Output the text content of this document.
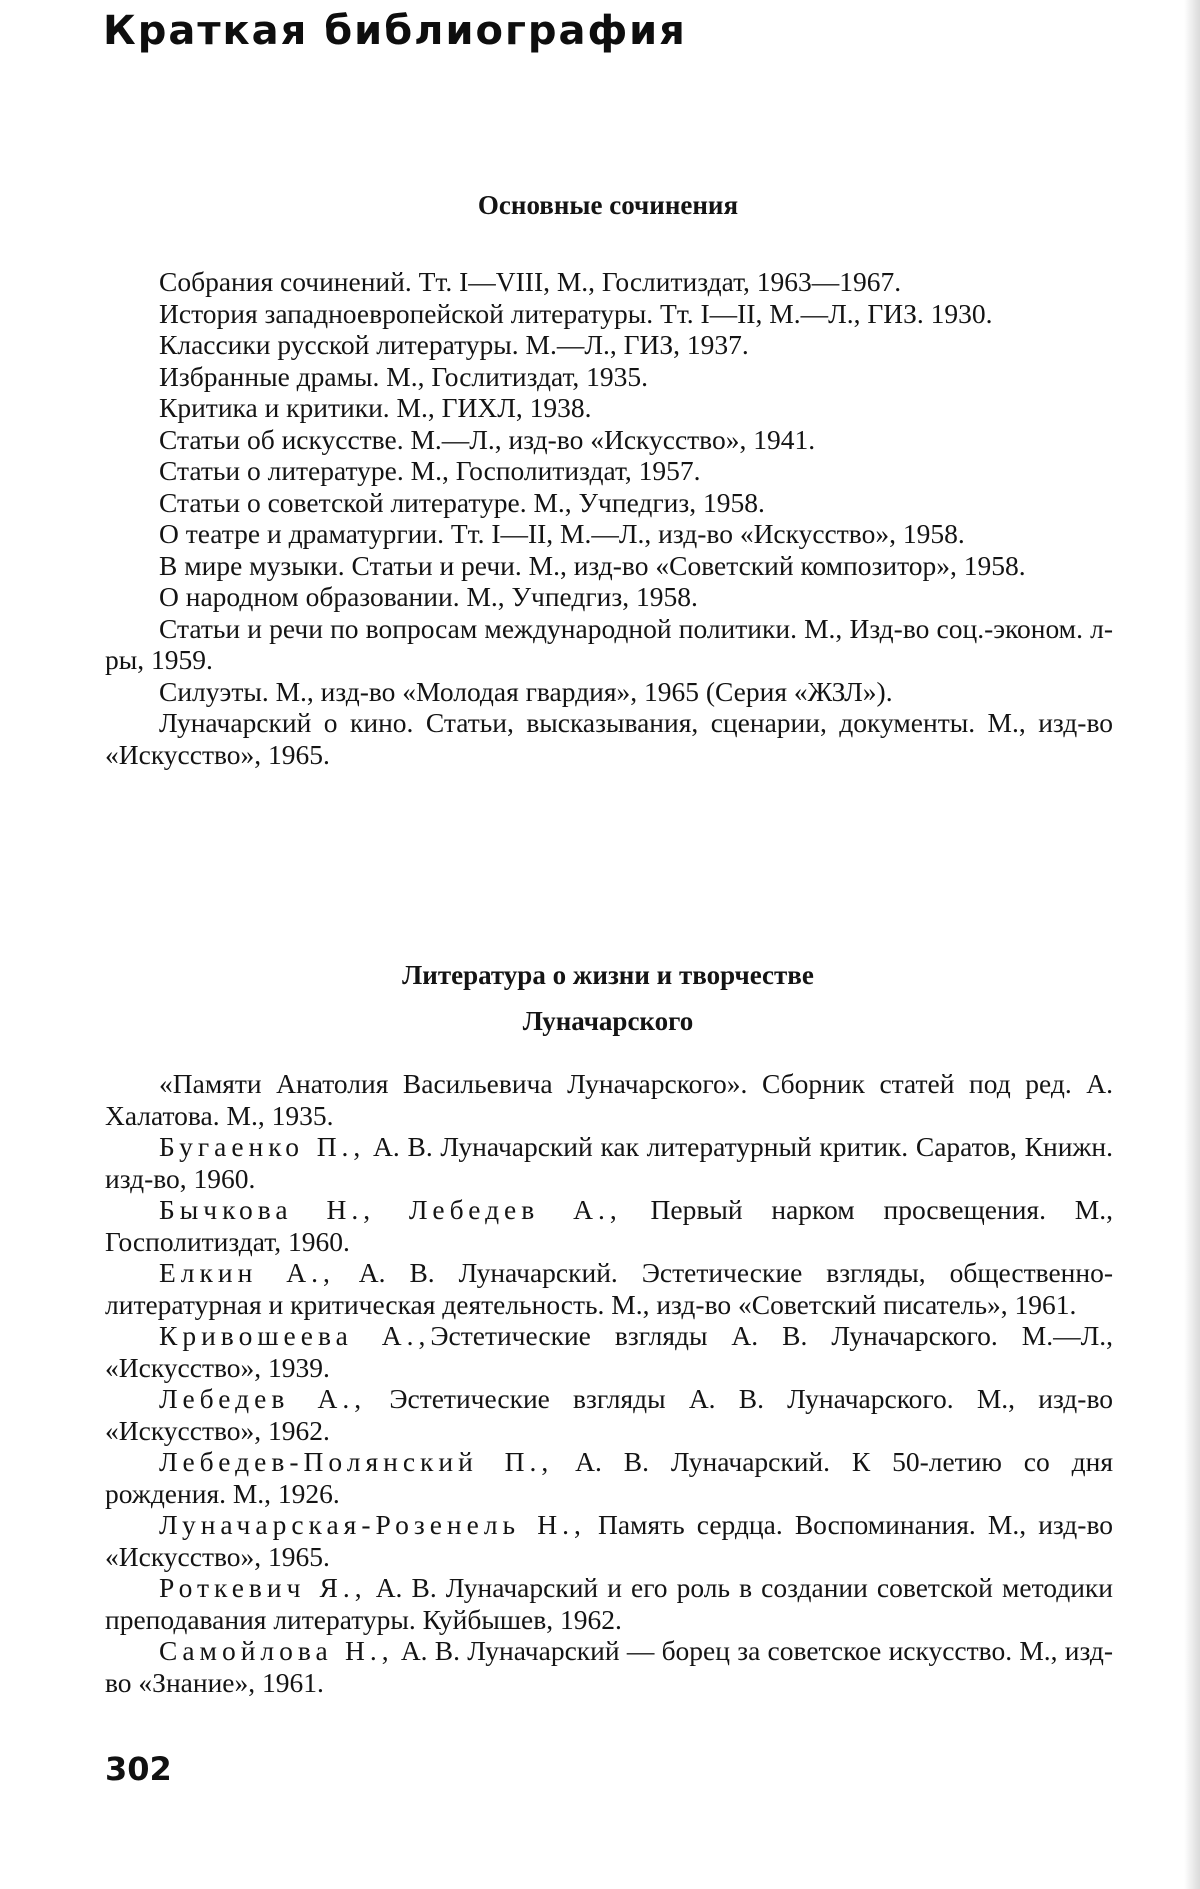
Краткая библиография
Основные сочинения
Собрания сочинений. Тт. I—VIII, М., Гослитиздат, 1963—1967.
История западноевропейской литературы. Тт. I—II, М.—Л., ГИЗ. 1930.
Классики русской литературы. М.—Л., ГИЗ, 1937.
Избранные драмы. М., Гослитиздат, 1935.
Критика и критики. М., ГИХЛ, 1938.
Статьи об искусстве. М.—Л., изд-во «Искусство», 1941.
Статьи о литературе. М., Госполитиздат, 1957.
Статьи о советской литературе. М., Учпедгиз, 1958.
О театре и драматургии. Тт. I—II, М.—Л., изд-во «Искусство», 1958.
В мире музыки. Статьи и речи. М., изд-во «Советский композитор», 1958.
О народном образовании. М., Учпедгиз, 1958.
Статьи и речи по вопросам международной политики. М., Изд-во соц.-эконом. л-ры, 1959.
Силуэты. М., изд-во «Молодая гвардия», 1965 (Серия «ЖЗЛ»).
Луначарский о кино. Статьи, высказывания, сценарии, документы. М., изд-во «Искусство», 1965.
Литература о жизни и творчестве
Луначарского
«Памяти Анатолия Васильевича Луначарского». Сборник статей под ред. А. Халатова. М., 1935.
Бугаенко П., А. В. Луначарский как литературный критик. Саратов, Книжн. изд-во, 1960.
Бычкова Н., Лебедев А., Первый нарком просвещения. М., Госполитиздат, 1960.
Елкин А., А. В. Луначарский. Эстетические взгляды, общественно-литературная и критическая деятельность. М., изд-во «Советский писатель», 1961.
Кривошеева А.,Эстетические взгляды А. В. Луначарского. М.—Л., «Искусство», 1939.
Лебедев А., Эстетические взгляды А. В. Луначарского. М., изд-во «Искусство», 1962.
Лебедев-Полянский П., А. В. Луначарский. К 50-летию со дня рождения. М., 1926.
Луначарская-Розенель Н., Память сердца. Воспоминания. М., изд-во «Искусство», 1965.
Роткевич Я., А. В. Луначарский и его роль в создании советской методики преподавания литературы. Куйбышев, 1962.
Самойлова Н., А. В. Луначарский — борец за советское искусство. М., изд-во «Знание», 1961.
302
